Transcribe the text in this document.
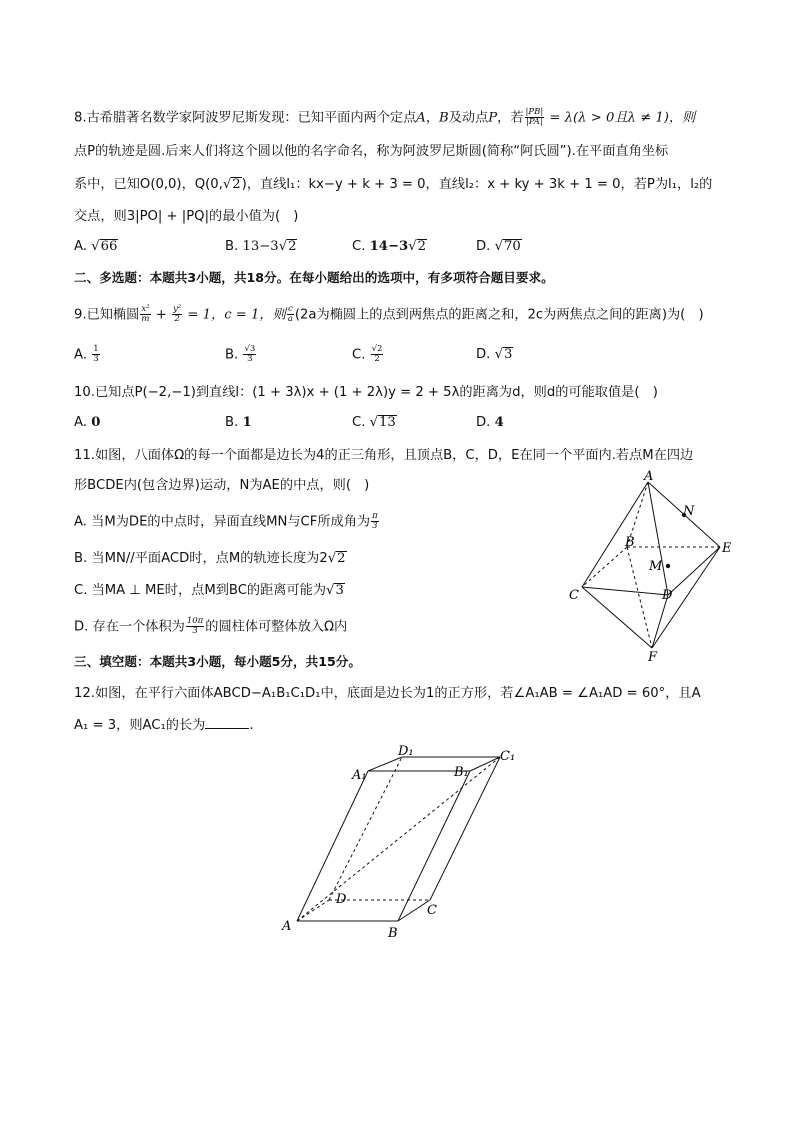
8.古希腊著名数学家阿波罗尼斯发现：已知平面内两个定点A，B及动点P，若 $\frac{|PB|}{|PA|} = \lambda(\lambda > 0$且λ ≠ 1)，则
点P的轨迹是圆.后来人们将这个圆以他的名字命名，称为阿波罗尼斯圆(简称“阿氏圆”).在平面直角坐标
系中，已知O(0,0)，Q(0,√2)，直线l₁：kx−y + k + 3 = 0，直线l₂：x + ky + 3k + 1 = 0，若P为l₁，l₂的
交点，则3|PO| + |PQ|的最小值为(　)
A. √66	B. 13−3√2	C. 14−3√2	D. √70
二、多选题：本题共3小题，共18分。在每小题给出的选项中，有多项符合题目要求。
9.已知椭圆 $\frac{\text{x²}}{m} + \frac{\text{y²}}{2} = 1$，c = 1，则 $\frac{c}{a} (2a$为椭圆上的点到两焦点的距离之和，2c为两焦点之间的距离)为(　)
A. $\frac{1}{3}$	B. $\frac{√3}{3}$	C. $\frac{√2}{2}$	D. √3
10.已知点P(−2,−1)到直线l：(1 + 3λ)x + (1 + 2λ)y = 2 + 5λ的距离为d，则d的可能取值是(　)
A. 0	B. 1	C. √13	D. 4
11.如图，八面体Ω的每一个面都是边长为4的正三角形，且顶点B，C，D，E在同一个平面内.若点M在四边
形BCDE内(包含边界)运动，N为AE的中点，则(　)
A. 当M为DE的中点时，异面直线MN与CF所成角为 $\frac{\pi}{3}$
B. 当MN//平面ACD时，点M的轨迹长度为2√2
C. 当MA ⊥ ME时，点M到BC的距离可能为√3
D. 存在一个体积为 $\frac{10\pi}{3}$ 的圆柱体可整体放入Ω内
A
N
B	E
M
C	D
F
三、填空题：本题共3小题，每小题5分，共15分。
12.如图，在平行六面体ABCD−A₁B₁C₁D₁中，底面是边长为1的正方形，若∠A₁AB = ∠A₁AD = 60°，且A
A₁ = 3，则AC₁的长为	.
A	B
C
D
A₁	B₁
C₁
D₁
